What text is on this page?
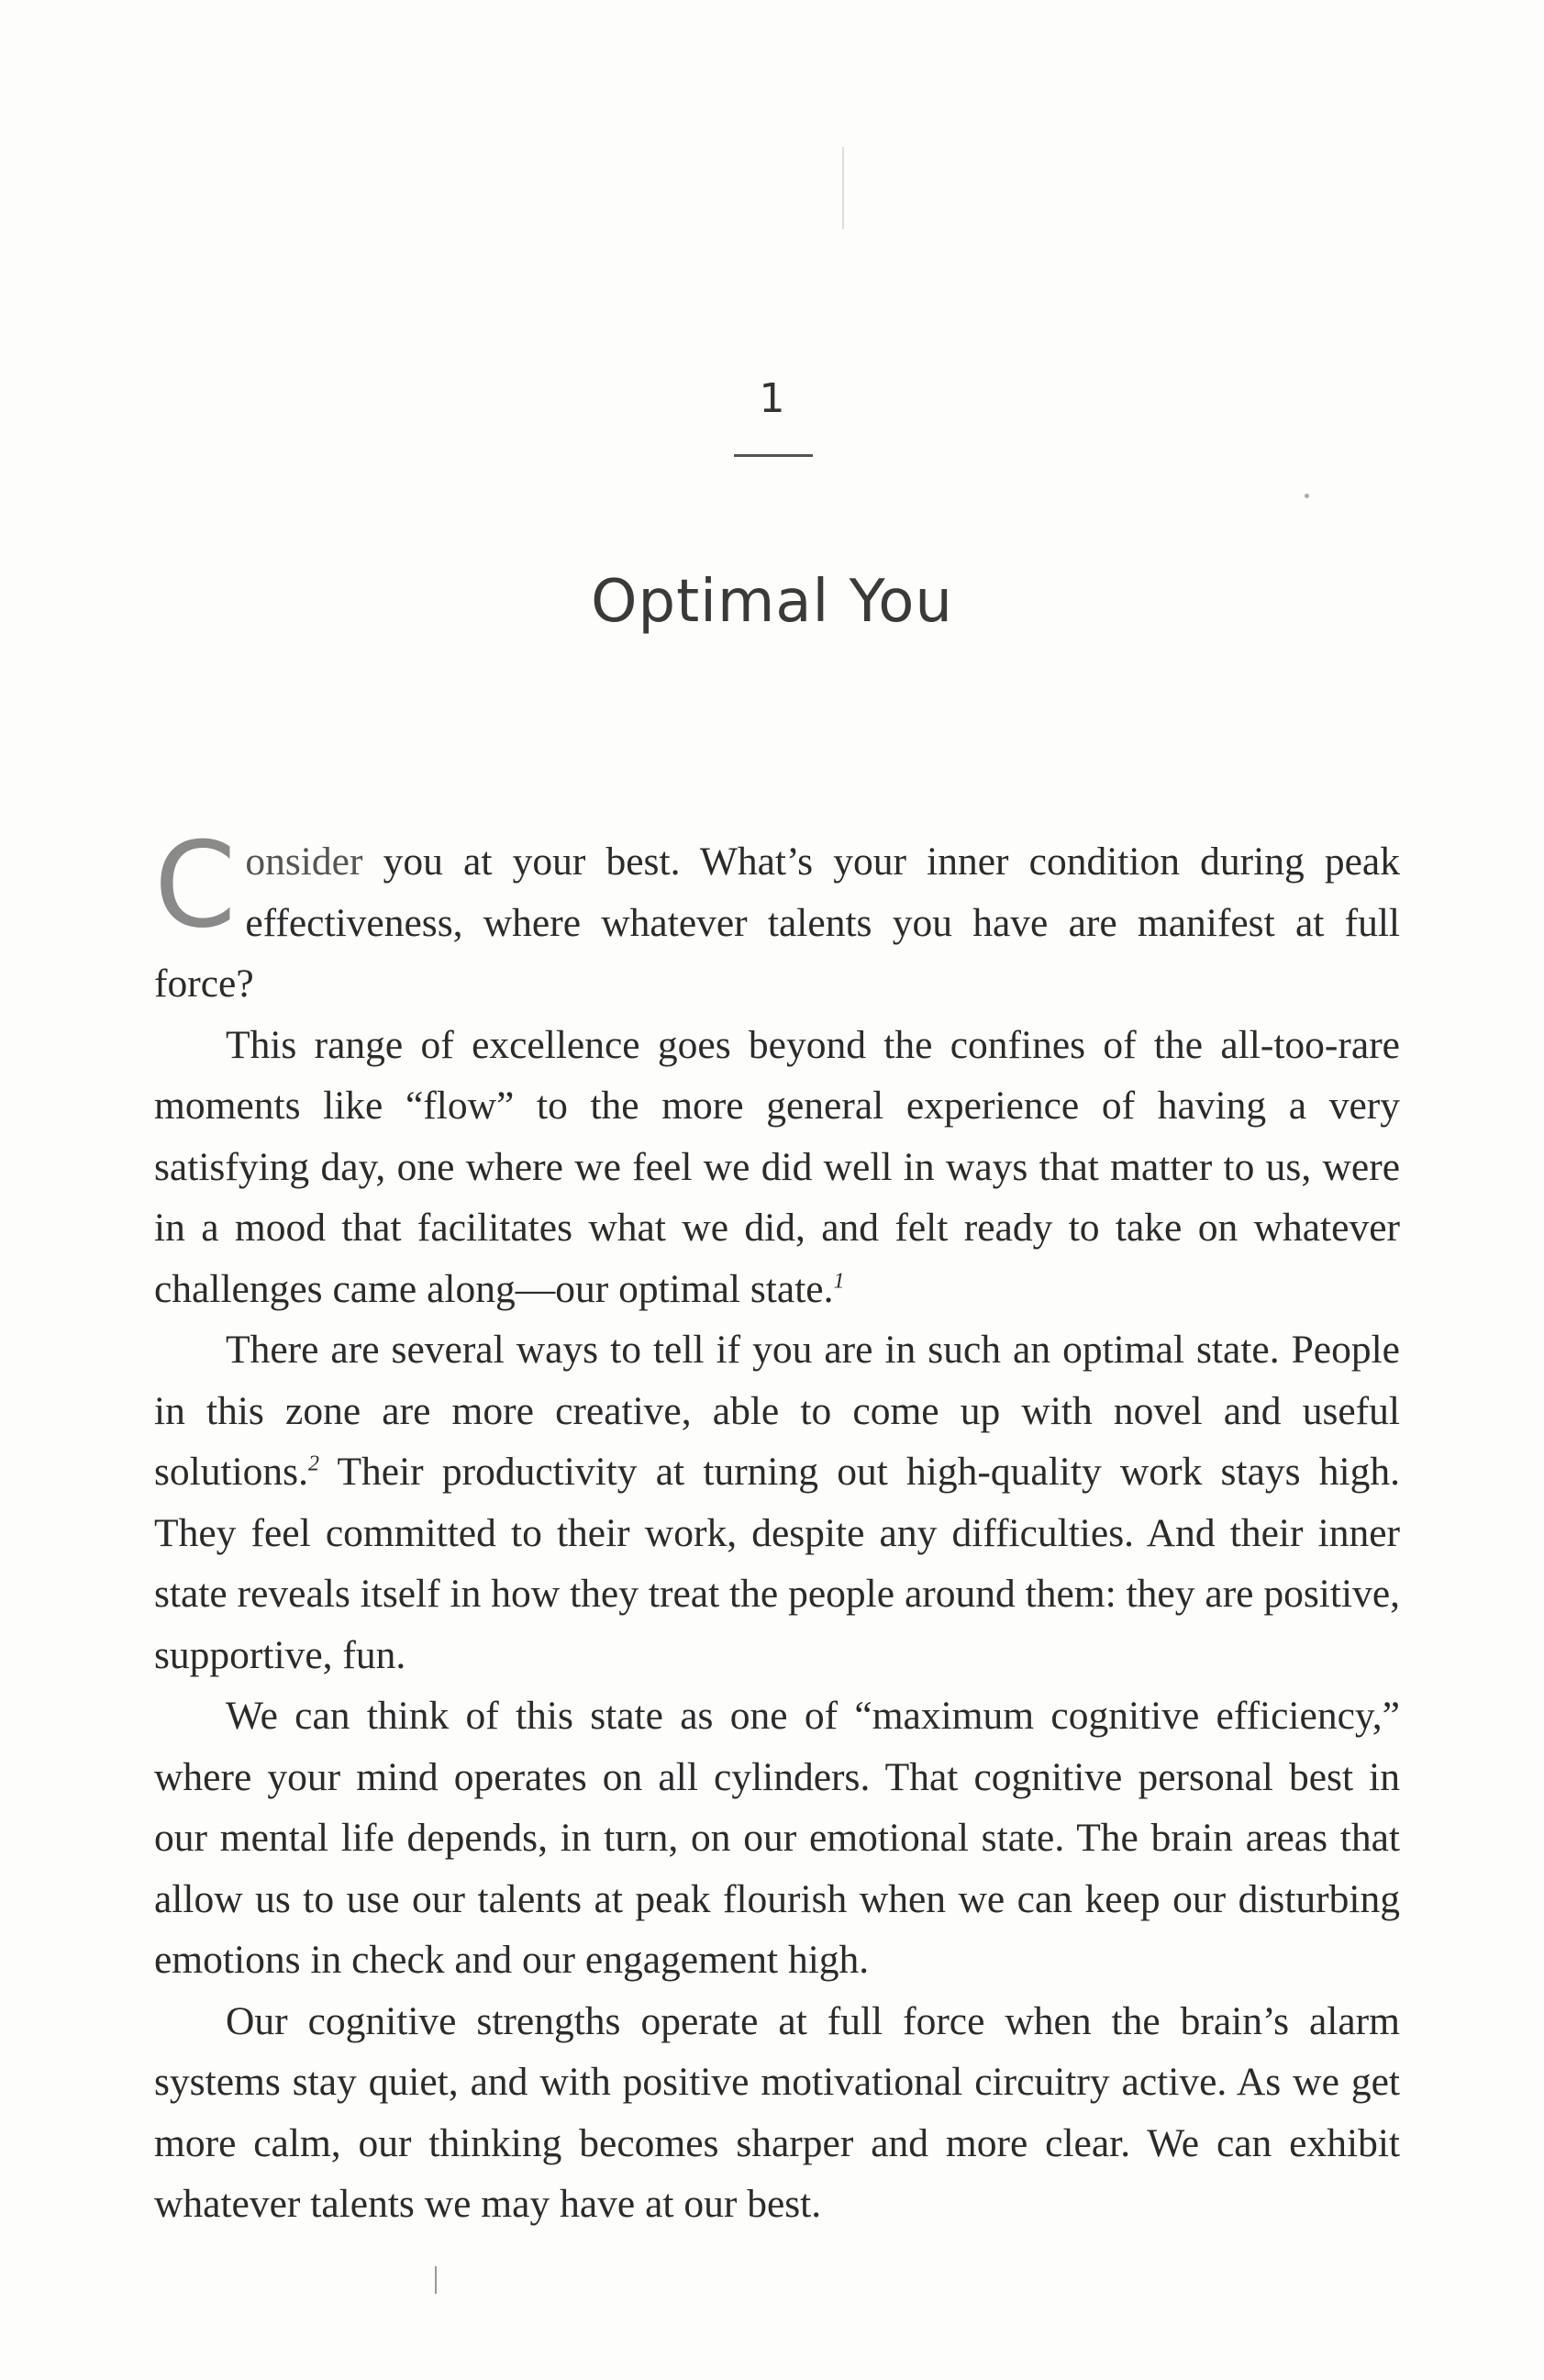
1
Optimal You

Consider you at your best. What’s your inner condition during peak effectiveness, where whatever talents you have are manifest at full force?

This range of excellence goes beyond the confines of the all-too-rare moments like “flow” to the more general experience of having a very satisfying day, one where we feel we did well in ways that matter to us, were in a mood that facilitates what we did, and felt ready to take on whatever challenges came along—our optimal state.$^1$

There are several ways to tell if you are in such an optimal state. People in this zone are more creative, able to come up with novel and useful solutions.$^2$ Their productivity at turning out high-quality work stays high. They feel committed to their work, despite any difficulties. And their inner state reveals itself in how they treat the people around them: they are positive, supportive, fun.

We can think of this state as one of “maximum cognitive efficiency,” where your mind operates on all cylinders. That cognitive personal best in our mental life depends, in turn, on our emotional state. The brain areas that allow us to use our talents at peak flourish when we can keep our disturbing emotions in check and our engagement high.

Our cognitive strengths operate at full force when the brain’s alarm systems stay quiet, and with positive motivational circuitry active. As we get more calm, our thinking becomes sharper and more clear. We can exhibit whatever talents we may have at our best.
